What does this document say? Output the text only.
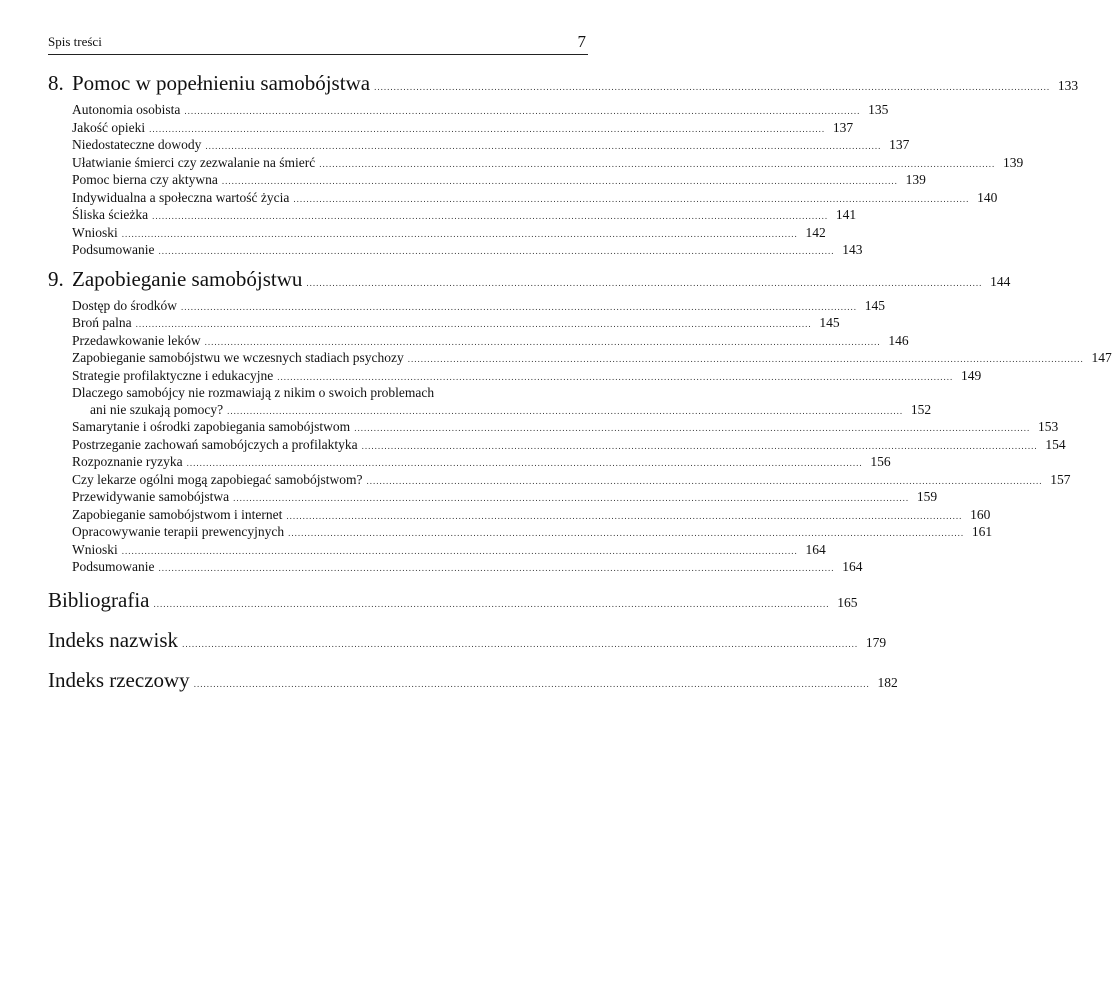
Spis treści	7
8. Pomoc w popełnieniu samobójstwa .....	133
Autonomia osobista .....	135
Jakość opieki .....	137
Niedostateczne dowody .....	137
Ułatwianie śmierci czy zezwalanie na śmierć .....	139
Pomoc bierna czy aktywna .....	139
Indywidualna a społeczna wartość życia .....	140
Śliska ścieżka .....	141
Wnioski .....	142
Podsumowanie .....	143
9. Zapobieganie samobójstwu .....	144
Dostęp do środków .....	145
Broń palna .....	145
Przedawkowanie leków .....	146
Zapobieganie samobójstwu we wczesnych stadiach psychozy .....	147
Strategie profilaktyczne i edukacyjne .....	149
Dlaczego samobójcy nie rozmawiają z nikim o swoich problemach
ani nie szukają pomocy? .....	152
Samarytanie i ośrodki zapobiegania samobójstwom .....	153
Postrzeganie zachowań samobójczych a profilaktyka .....	154
Rozpoznanie ryzyka .....	156
Czy lekarze ogólni mogą zapobiegać samobójstwom? .....	157
Przewidywanie samobójstwa .....	159
Zapobieganie samobójstwom i internet .....	160
Opracowywanie terapii prewencyjnych .....	161
Wnioski .....	164
Podsumowanie .....	164
Bibliografia .....	165
Indeks nazwisk .....	179
Indeks rzeczowy .....	182
